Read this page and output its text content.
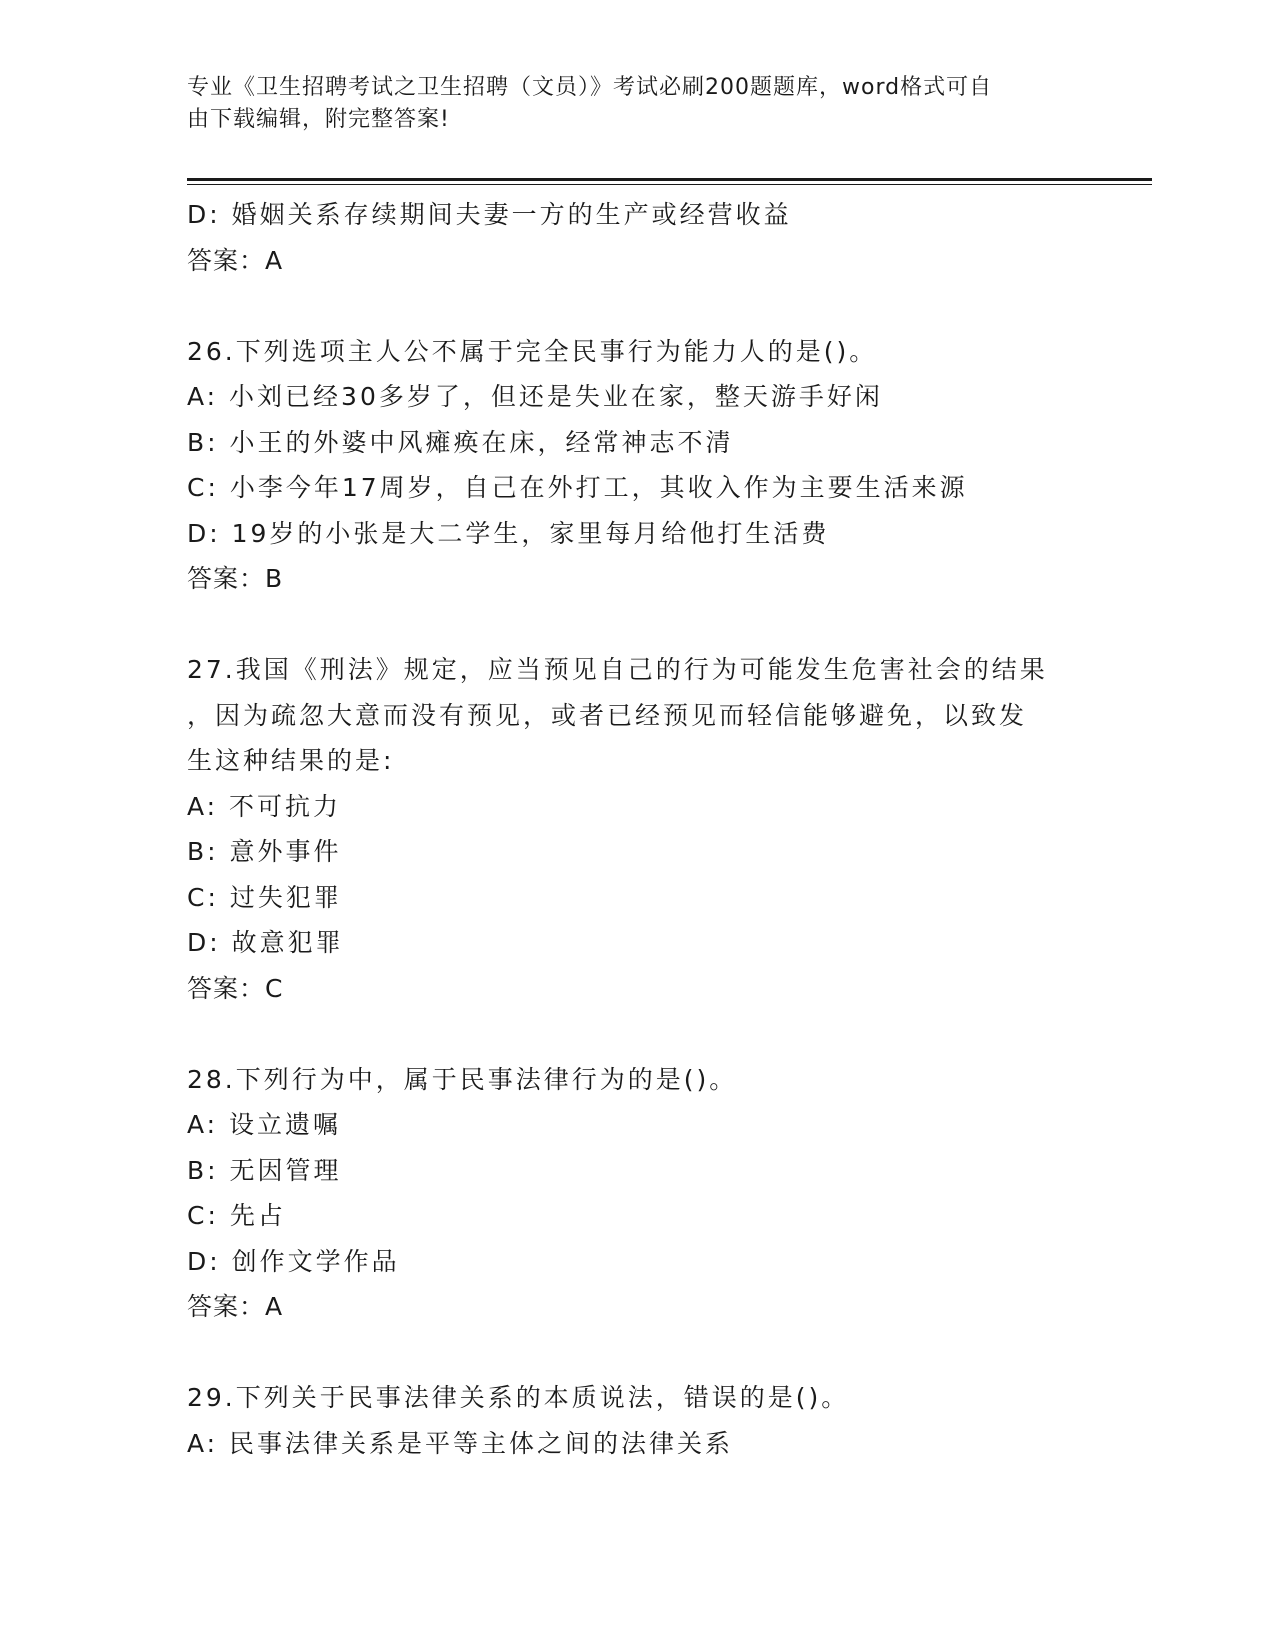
专业《卫生招聘考试之卫生招聘（文员）》考试必刷200题题库，word格式可自
由下载编辑，附完整答案!
D: 婚姻关系存续期间夫妻一方的生产或经营收益
答案：A
26.下列选项主人公不属于完全民事行为能力人的是()。
A: 小刘已经30多岁了，但还是失业在家，整天游手好闲
B: 小王的外婆中风瘫痪在床，经常神志不清
C: 小李今年17周岁，自己在外打工，其收入作为主要生活来源
D: 19岁的小张是大二学生，家里每月给他打生活费
答案：B
27.我国《刑法》规定，应当预见自己的行为可能发生危害社会的结果
，因为疏忽大意而没有预见，或者已经预见而轻信能够避免，以致发
生这种结果的是:
A: 不可抗力
B: 意外事件
C: 过失犯罪
D: 故意犯罪
答案：C
28.下列行为中，属于民事法律行为的是()。
A: 设立遗嘱
B: 无因管理
C: 先占
D: 创作文学作品
答案：A
29.下列关于民事法律关系的本质说法，错误的是()。
A: 民事法律关系是平等主体之间的法律关系
